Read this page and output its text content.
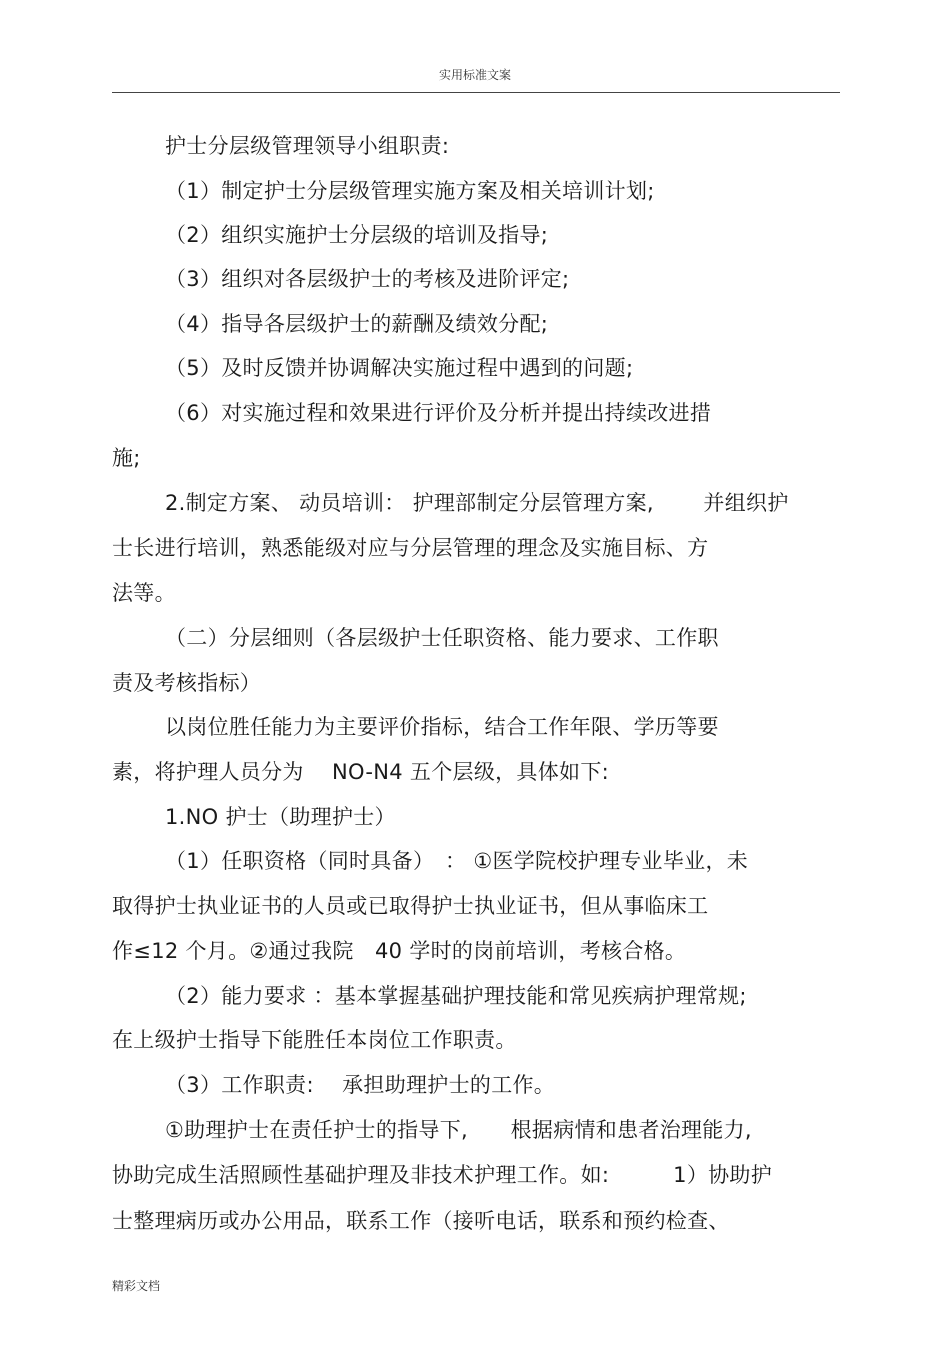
实用标准文案
护士分层级管理领导小组职责:
（1）制定护士分层级管理实施方案及相关培训计划;
（2）组织实施护士分层级的培训及指导;
（3）组织对各层级护士的考核及进阶评定;
（4）指导各层级护士的薪酬及绩效分配;
（5）及时反馈并协调解决实施过程中遇到的问题;
（6）对实施过程和效果进行评价及分析并提出持续改进措
施;
2.制定方案、 动员培训： 护理部制定分层管理方案, 　　并组织护
士长进行培训，熟悉能级对应与分层管理的理念及实施目标、方
法等。
（二）分层细则（各层级护士任职资格、能力要求、工作职
责及考核指标）
以岗位胜任能力为主要评价指标，结合工作年限、学历等要
素，将护理人员分为　 NO-N4 五个层级，具体如下:
1.NO 护士（助理护士）
（1）任职资格（同时具备）　： ①医学院校护理专业毕业，未
取得护士执业证书的人员或已取得护士执业证书，但从事临床工
作≤12 个月。②通过我院　40 学时的岗前培训，考核合格。
（2）能力要求 ：基本掌握基础护理技能和常见疾病护理常规;
在上级护士指导下能胜任本岗位工作职责。
（3）工作职责:　 承担助理护士的工作。
①助理护士在责任护士的指导下,　　根据病情和患者治理能力,
协助完成生活照顾性基础护理及非技术护理工作。如:　　　1）协助护
士整理病历或办公用品，联系工作（接听电话，联系和预约检查、
精彩文档
